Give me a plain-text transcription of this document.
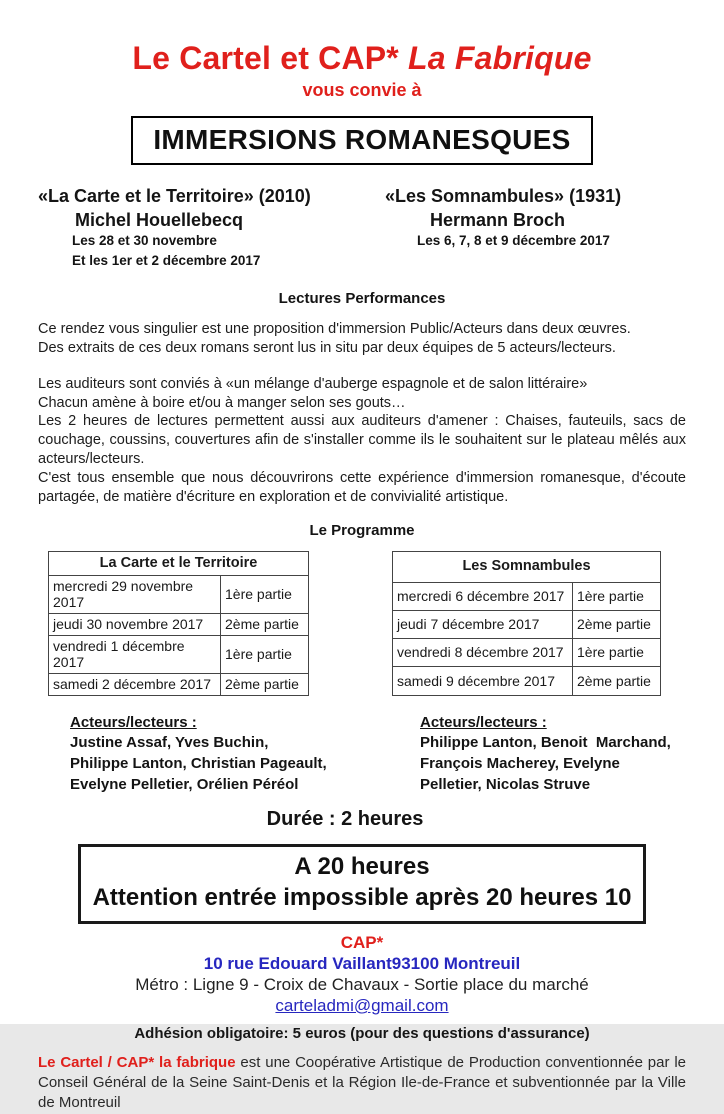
Le Cartel et CAP* La Fabrique
vous convie à
IMMERSIONS ROMANESQUES
«La Carte et le Territoire» (2010)
Michel Houellebecq
Les 28 et 30 novembre
Et les 1er et 2 décembre 2017
«Les Somnambules» (1931)
Hermann Broch
Les 6, 7, 8 et 9 décembre 2017
Lectures Performances
Ce rendez vous singulier est une proposition d'immersion Public/Acteurs dans deux œuvres.
Des extraits de ces deux romans seront lus in situ par deux équipes de 5 acteurs/lecteurs.
Les auditeurs sont conviés à «un mélange d'auberge espagnole et de salon littéraire»
Chacun amène à boire et/ou à manger selon ses gouts…
Les 2 heures de lectures permettent aussi aux auditeurs d'amener : Chaises, fauteuils, sacs de couchage, coussins, couvertures afin de s'installer comme ils le souhaitent sur le plateau mêlés aux acteurs/lecteurs.
C'est tous ensemble que nous découvrirons cette expérience d'immersion romanesque, d'écoute partagée, de matière d'écriture en exploration et de convivialité artistique.
Le Programme
La Carte et le Territoire	
mercredi 29 novembre 2017	1ère partie
jeudi 30 novembre 2017	2ème partie
vendredi 1 décembre 2017	1ère partie
samedi 2 décembre 2017	2ème partie
Les Somnambules	
mercredi 6 décembre 2017	1ère partie
jeudi 7 décembre 2017	2ème partie
vendredi 8 décembre 2017	1ère partie
samedi 9 décembre 2017	2ème partie
Acteurs/lecteurs :
Justine Assaf, Yves Buchin,
Philippe Lanton, Christian Pageault,
Evelyne Pelletier, Orélien Péréol
Acteurs/lecteurs :
Philippe Lanton, Benoit  Marchand,
François Macherey, Evelyne
Pelletier, Nicolas Struve
Durée : 2 heures
A 20 heures
Attention entrée impossible après 20 heures 10
CAP*
10 rue Edouard Vaillant93100 Montreuil
Métro : Ligne 9 - Croix de Chavaux - Sortie place du marché
carteladmi@gmail.com
Adhésion obligatoire: 5 euros (pour des questions d'assurance)
Le Cartel / CAP* la fabrique est une Coopérative Artistique de Production conventionnée par le Conseil Général de la Seine Saint-Denis et la Région Ile-de-France et subventionnée par la Ville de Montreuil
